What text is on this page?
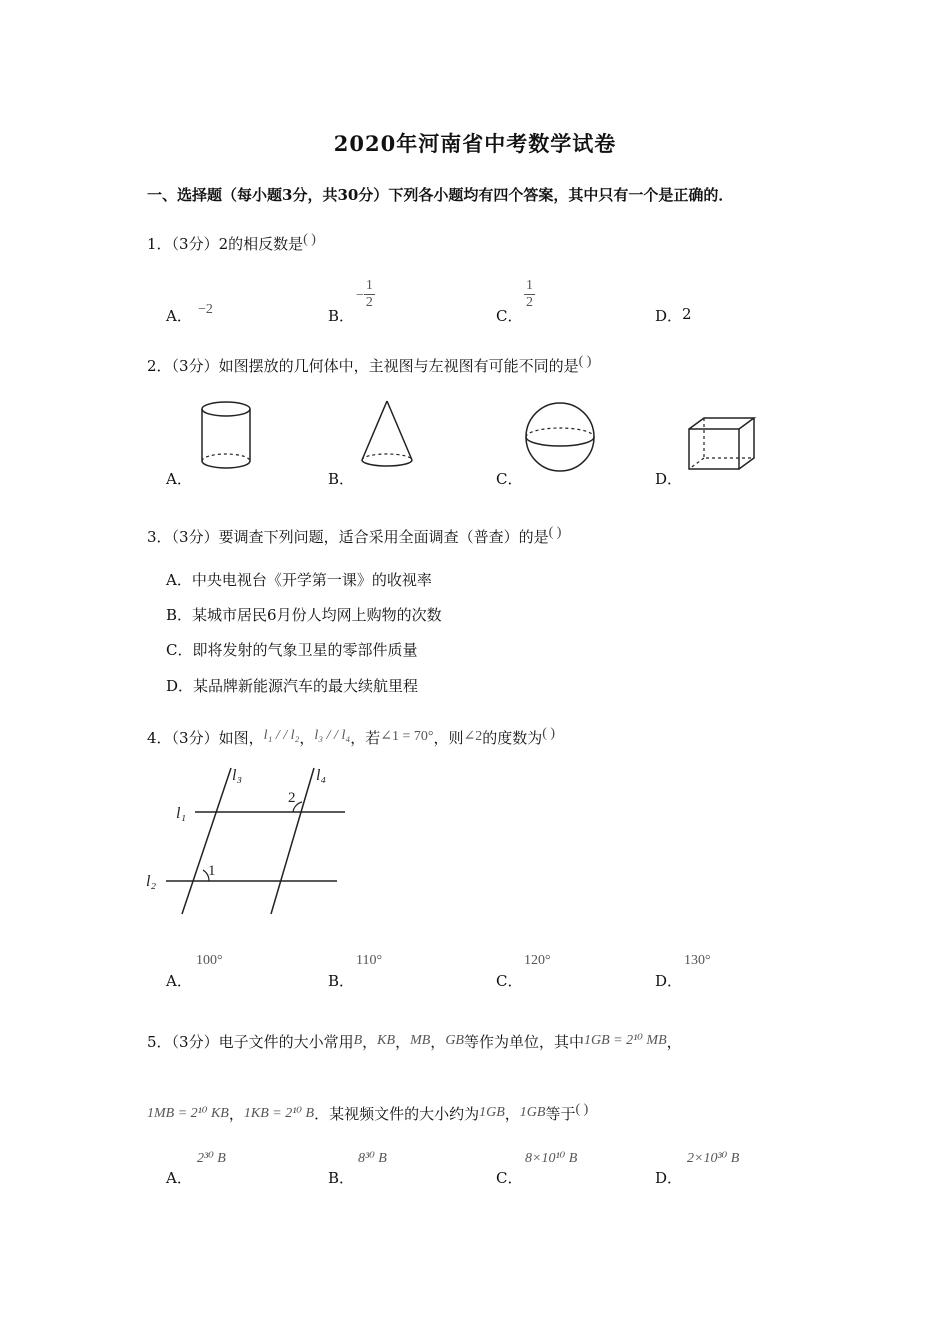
2020年河南省中考数学试卷
一、选择题（每小题3分，共30分）下列各小题均有四个答案，其中只有一个是正确的．
1．（3分）2的相反数是( )
A． −2	B．
− $\frac{1}{2}$
C．
$\frac{1}{2}$
D． 2
2．（3分）如图摆放的几何体中，主视图与左视图有可能不同的是( )
A．	B．	C．	D．
3．（3分）要调查下列问题，适合采用全面调查（普查）的是( )
A．中央电视台《开学第一课》的收视率
B．某城市居民6月份人均网上购物的次数
C．即将发射的气象卫星的零部件质量
D．某品牌新能源汽车的最大续航里程
4．（3分）如图，l₁ / / l₂，l₃ / / l₄，若∠1 = 70°，则∠2的度数为( )
l₃	l₄
l₁
l₂
2
1
A．
100°
B．
110°
C．
120°
D．
130°
5．（3分）电子文件的大小常用B，KB，MB，GB等作为单位，其中1GB = 2¹⁰ MB，
1MB = 2¹⁰ KB，1KB = 2¹⁰ B．某视频文件的大小约为1GB，1GB等于( )
A．
2³⁰ B
B．
8³⁰ B
C．
8×10¹⁰ B
D．
2×10³⁰ B
